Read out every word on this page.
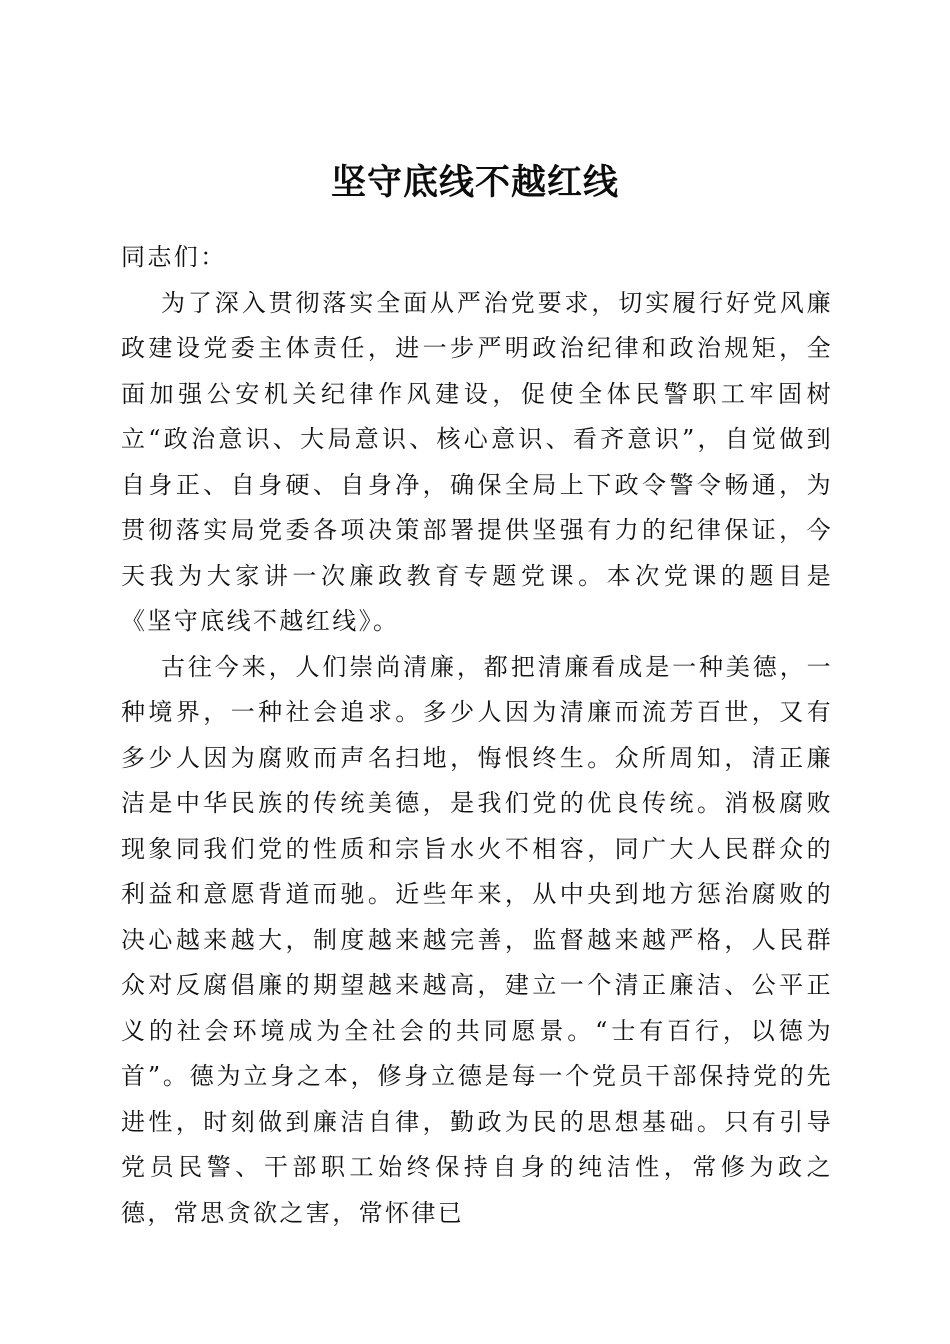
坚守底线不越红线

同志们：

为了深入贯彻落实全面从严治党要求，切实履行好党风廉政建设党委主体责任，进一步严明政治纪律和政治规矩，全面加强公安机关纪律作风建设，促使全体民警职工牢固树立“政治意识、大局意识、核心意识、看齐意识”，自觉做到自身正、自身硬、自身净，确保全局上下政令警令畅通，为贯彻落实局党委各项决策部署提供坚强有力的纪律保证，今天我为大家讲一次廉政教育专题党课。本次党课的题目是《坚守底线不越红线》。

古往今来，人们崇尚清廉，都把清廉看成是一种美德，一种境界，一种社会追求。多少人因为清廉而流芳百世，又有多少人因为腐败而声名扫地，悔恨终生。众所周知，清正廉洁是中华民族的传统美德，是我们党的优良传统。消极腐败现象同我们党的性质和宗旨水火不相容，同广大人民群众的利益和意愿背道而驰。近些年来，从中央到地方惩治腐败的决心越来越大，制度越来越完善，监督越来越严格，人民群众对反腐倡廉的期望越来越高，建立一个清正廉洁、公平正义的社会环境成为全社会的共同愿景。“士有百行，以德为首”。德为立身之本，修身立德是每一个党员干部保持党的先进性，时刻做到廉洁自律，勤政为民的思想基础。只有引导党员民警、干部职工始终保持自身的纯洁性，常修为政之德，常思贪欲之害，常怀律已
